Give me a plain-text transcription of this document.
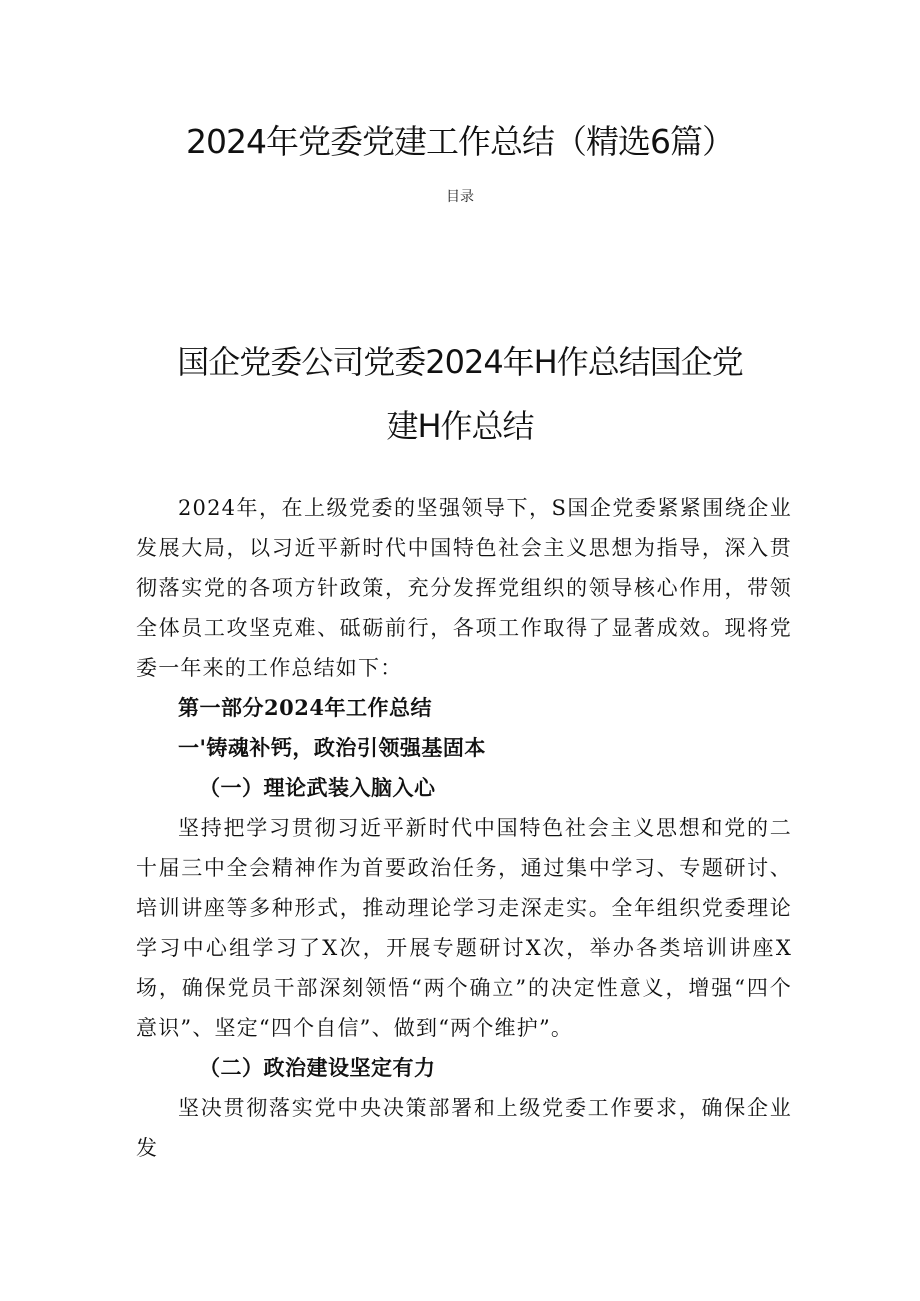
2024年党委党建工作总结（精选6篇）
目录
国企党委公司党委2024年H作总结国企党
建H作总结

2024年，在上级党委的坚强领导下，S国企党委紧紧围绕企业发展大局，以习近平新时代中国特色社会主义思想为指导，深入贯彻落实党的各项方针政策，充分发挥党组织的领导核心作用，带领全体员工攻坚克难、砥砺前行，各项工作取得了显著成效。现将党委一年来的工作总结如下：

第一部分2024年工作总结

一'铸魂补钙，政治引领强基固本

（一）理论武装入脑入心

坚持把学习贯彻习近平新时代中国特色社会主义思想和党的二十届三中全会精神作为首要政治任务，通过集中学习、专题研讨、培训讲座等多种形式，推动理论学习走深走实。全年组织党委理论学习中心组学习了X次，开展专题研讨X次，举办各类培训讲座X场，确保党员干部深刻领悟“两个确立”的决定性意义，增强“四个意识”、坚定“四个自信”、做到“两个维护”。

（二）政治建设坚定有力

坚决贯彻落实党中央决策部署和上级党委工作要求，确保企业发
